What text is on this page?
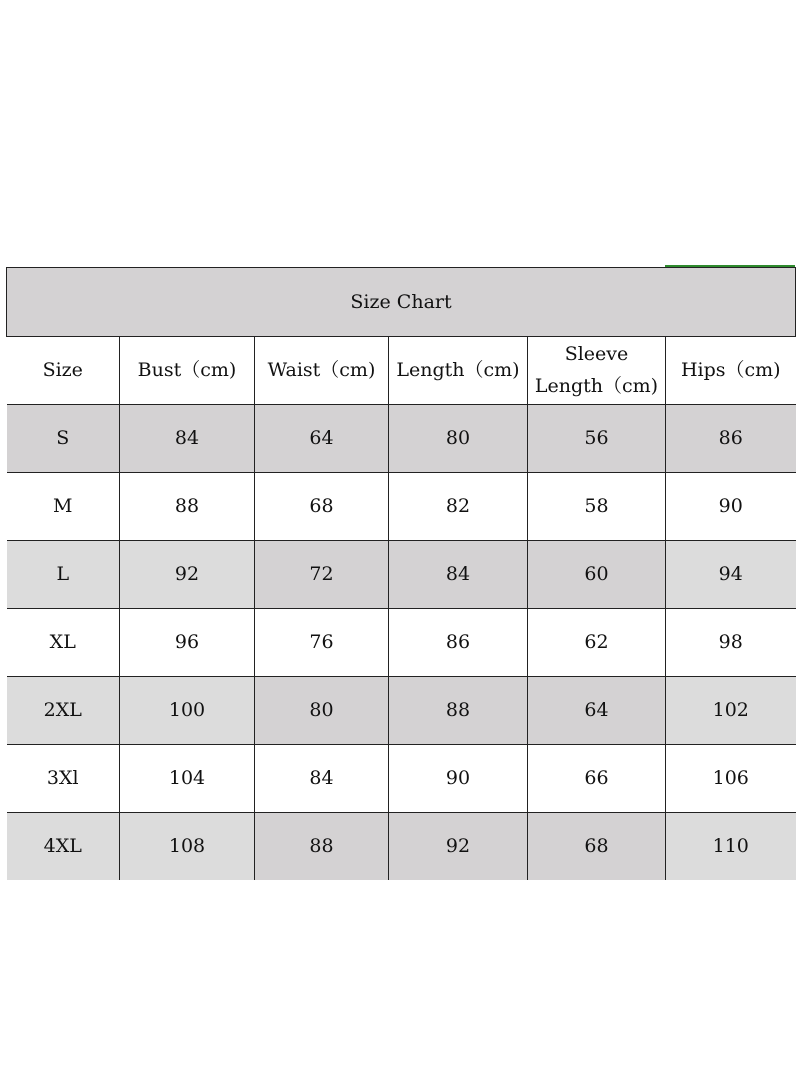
Size Chart					
Size	Bust（cm)	Waist（cm)	Length（cm)	Sleeve Length（cm)	Hips（cm)
S	84	64	80	56	86
M	88	68	82	58	90
L	92	72	84	60	94
XL	96	76	86	62	98
2XL	100	80	88	64	102
3Xl	104	84	90	66	106
4XL	108	88	92	68	110
